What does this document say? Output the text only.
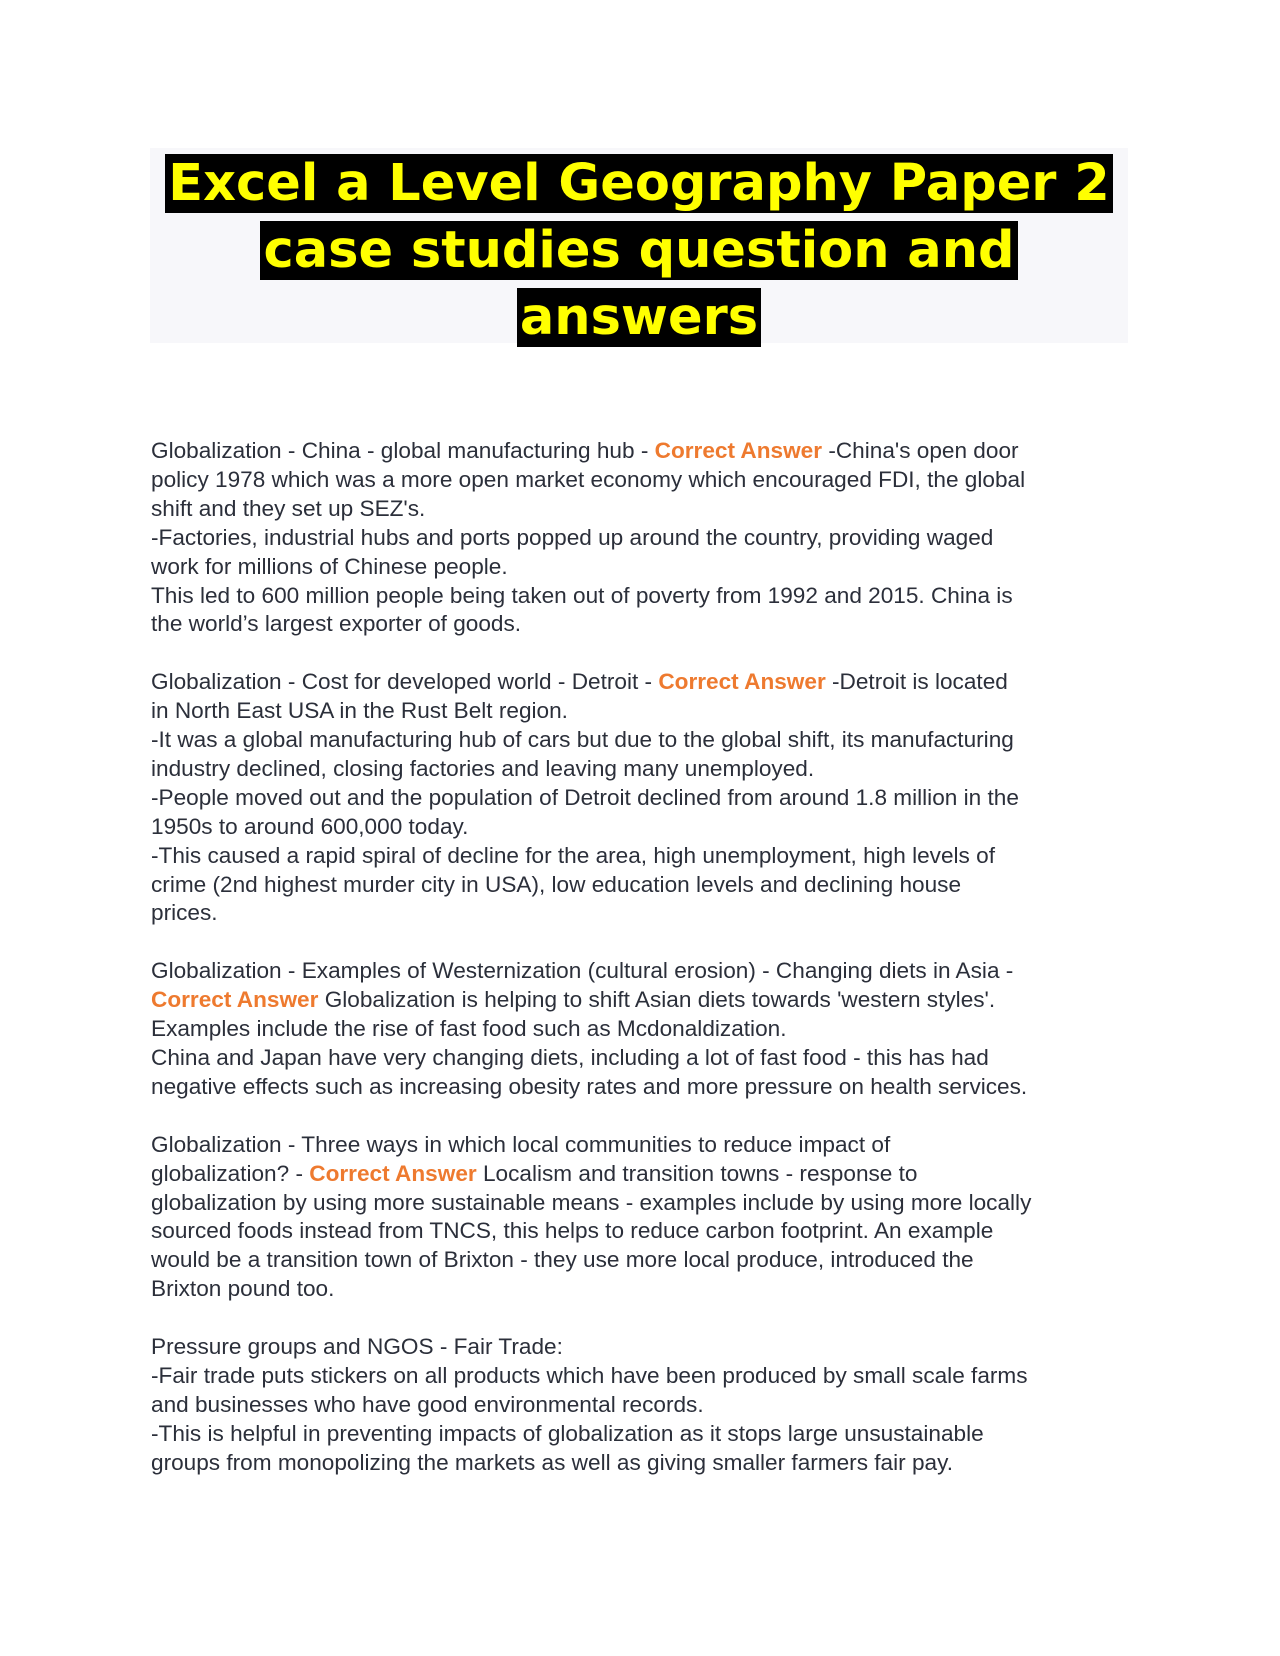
Excel a Level Geography Paper 2
case studies question and
answers

Globalization - China - global manufacturing hub - Correct Answer -China's open door
policy 1978 which was a more open market economy which encouraged FDI, the global
shift and they set up SEZ's.
-Factories, industrial hubs and ports popped up around the country, providing waged
work for millions of Chinese people.
This led to 600 million people being taken out of poverty from 1992 and 2015. China is
the world’s largest exporter of goods.
Globalization - Cost for developed world - Detroit - Correct Answer -Detroit is located
in North East USA in the Rust Belt region.
-It was a global manufacturing hub of cars but due to the global shift, its manufacturing
industry declined, closing factories and leaving many unemployed.
-People moved out and the population of Detroit declined from around 1.8 million in the
1950s to around 600,000 today.
-This caused a rapid spiral of decline for the area, high unemployment, high levels of
crime (2nd highest murder city in USA), low education levels and declining house
prices.
Globalization - Examples of Westernization (cultural erosion) - Changing diets in Asia -
Correct Answer Globalization is helping to shift Asian diets towards 'western styles'.
Examples include the rise of fast food such as Mcdonaldization.
China and Japan have very changing diets, including a lot of fast food - this has had
negative effects such as increasing obesity rates and more pressure on health services.
Globalization - Three ways in which local communities to reduce impact of
globalization? - Correct Answer Localism and transition towns - response to
globalization by using more sustainable means - examples include by using more locally
sourced foods instead from TNCS, this helps to reduce carbon footprint. An example
would be a transition town of Brixton - they use more local produce, introduced the
Brixton pound too.
Pressure groups and NGOS - Fair Trade:
-Fair trade puts stickers on all products which have been produced by small scale farms
and businesses who have good environmental records.
-This is helpful in preventing impacts of globalization as it stops large unsustainable
groups from monopolizing the markets as well as giving smaller farmers fair pay.
